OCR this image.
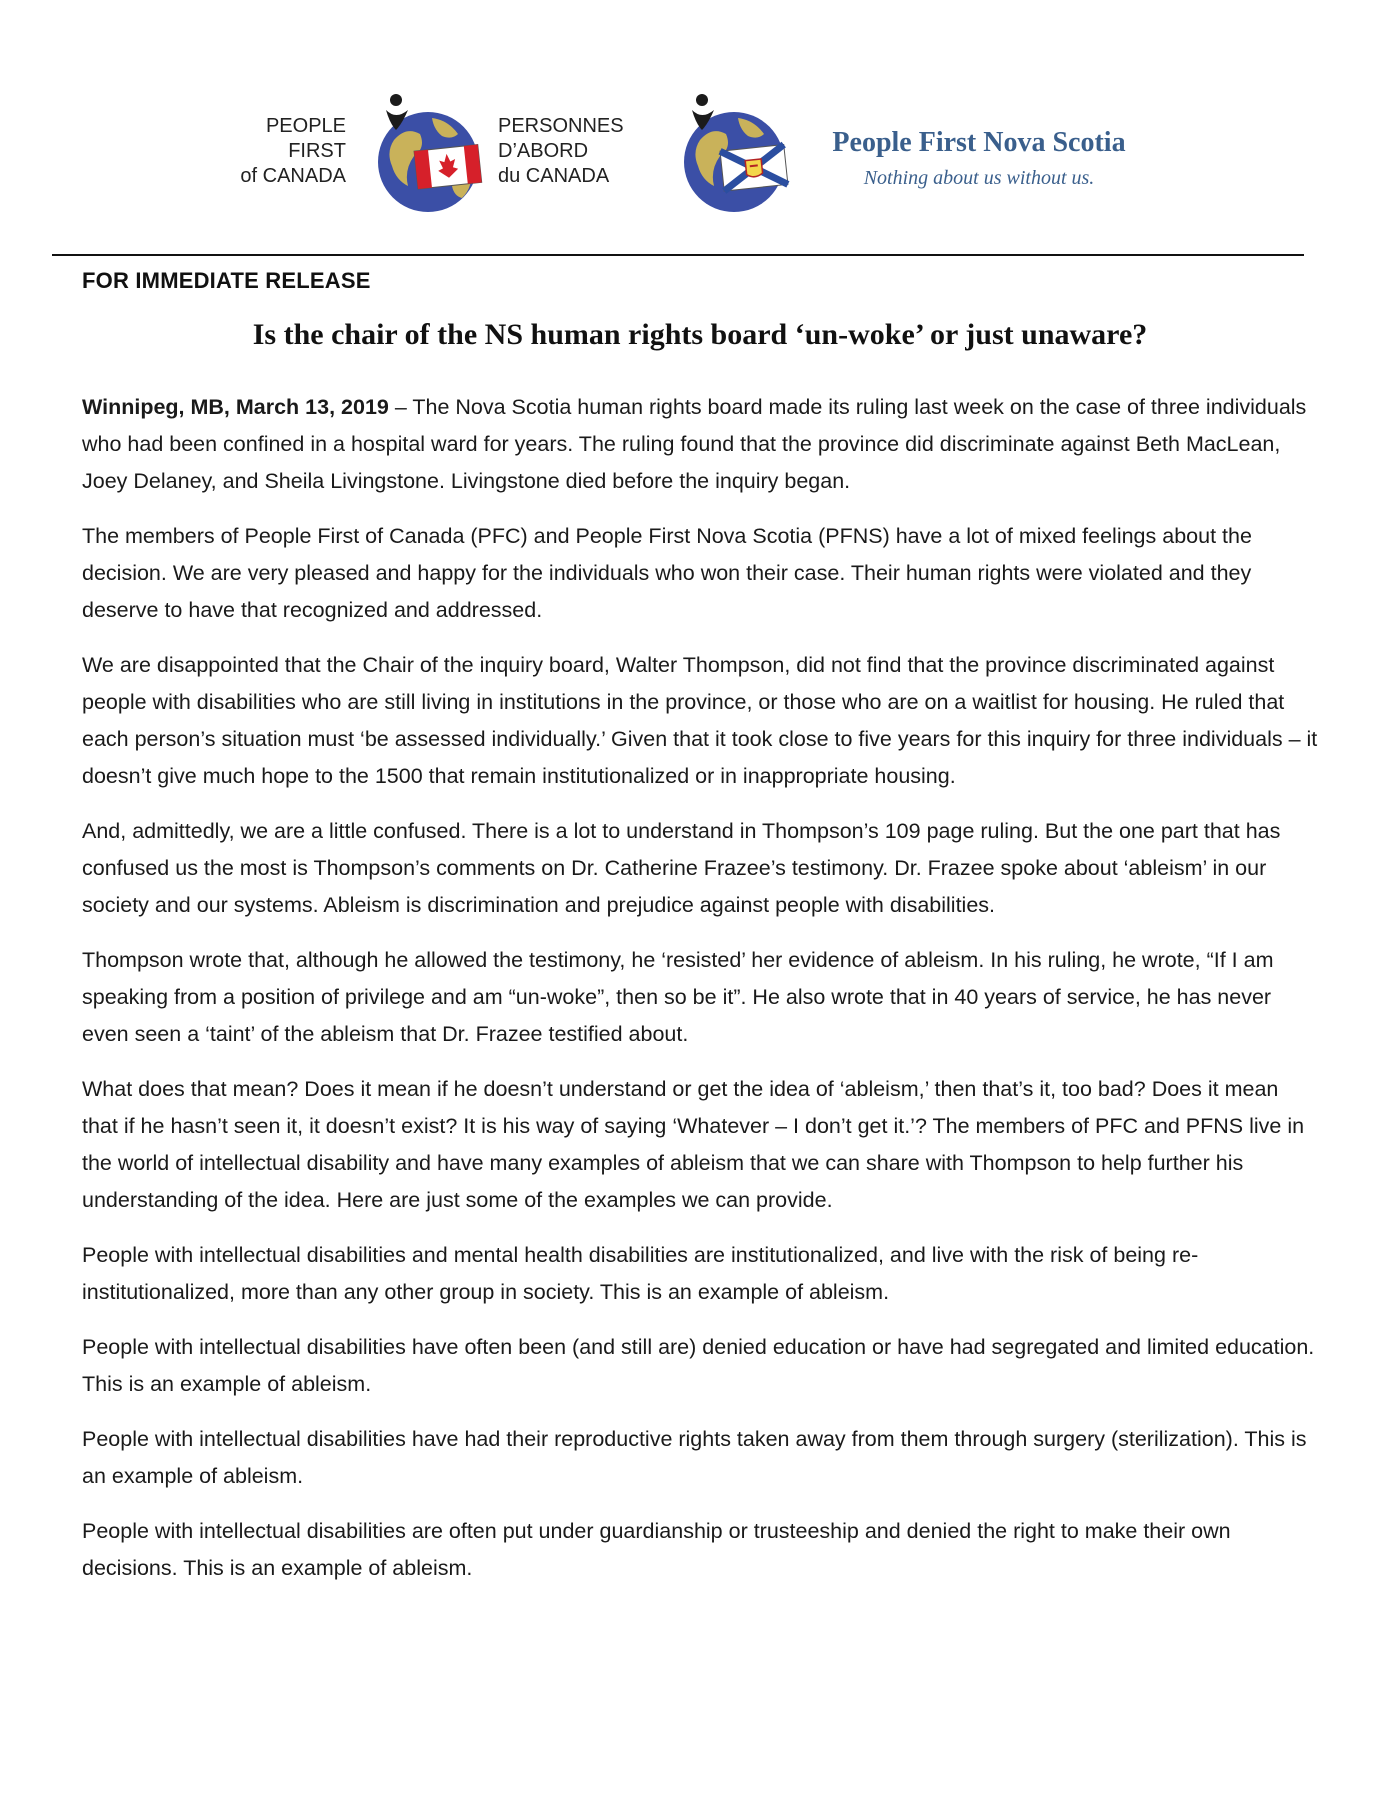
PEOPLE
FIRST
of CANADA
PERSONNES
D’ABORD
du CANADA
People First Nova Scotia
Nothing about us without us.
FOR IMMEDIATE RELEASE
Is the chair of the NS human rights board ‘un-woke’ or just unaware?

Winnipeg, MB, March 13, 2019 – The Nova Scotia human rights board made its ruling last week on the case of three individuals who had been confined in a hospital ward for years. The ruling found that the province did discriminate against Beth MacLean, Joey Delaney, and Sheila Livingstone. Livingstone died before the inquiry began.

The members of People First of Canada (PFC) and People First Nova Scotia (PFNS) have a lot of mixed feelings about the decision. We are very pleased and happy for the individuals who won their case. Their human rights were violated and they deserve to have that recognized and addressed.

We are disappointed that the Chair of the inquiry board, Walter Thompson, did not find that the province discriminated against people with disabilities who are still living in institutions in the province, or those who are on a waitlist for housing. He ruled that each person’s situation must ‘be assessed individually.’ Given that it took close to five years for this inquiry for three individuals – it doesn’t give much hope to the 1500 that remain institutionalized or in inappropriate housing.

And, admittedly, we are a little confused. There is a lot to understand in Thompson’s 109 page ruling. But the one part that has confused us the most is Thompson’s comments on Dr. Catherine Frazee’s testimony. Dr. Frazee spoke about ‘ableism’ in our society and our systems. Ableism is discrimination and prejudice against people with disabilities.

Thompson wrote that, although he allowed the testimony, he ‘resisted’ her evidence of ableism. In his ruling, he wrote, “If I am speaking from a position of privilege and am “un-woke”, then so be it”. He also wrote that in 40 years of service, he has never even seen a ‘taint’ of the ableism that Dr. Frazee testified about.

What does that mean? Does it mean if he doesn’t understand or get the idea of ‘ableism,’ then that’s it, too bad? Does it mean that if he hasn’t seen it, it doesn’t exist? It is his way of saying ‘Whatever – I don’t get it.’? The members of PFC and PFNS live in the world of intellectual disability and have many examples of ableism that we can share with Thompson to help further his understanding of the idea. Here are just some of the examples we can provide.

People with intellectual disabilities and mental health disabilities are institutionalized, and live with the risk of being re-institutionalized, more than any other group in society. This is an example of ableism.

People with intellectual disabilities have often been (and still are) denied education or have had segregated and limited education. This is an example of ableism.

People with intellectual disabilities have had their reproductive rights taken away from them through surgery (sterilization). This is an example of ableism.

People with intellectual disabilities are often put under guardianship or trusteeship and denied the right to make their own decisions. This is an example of ableism.
